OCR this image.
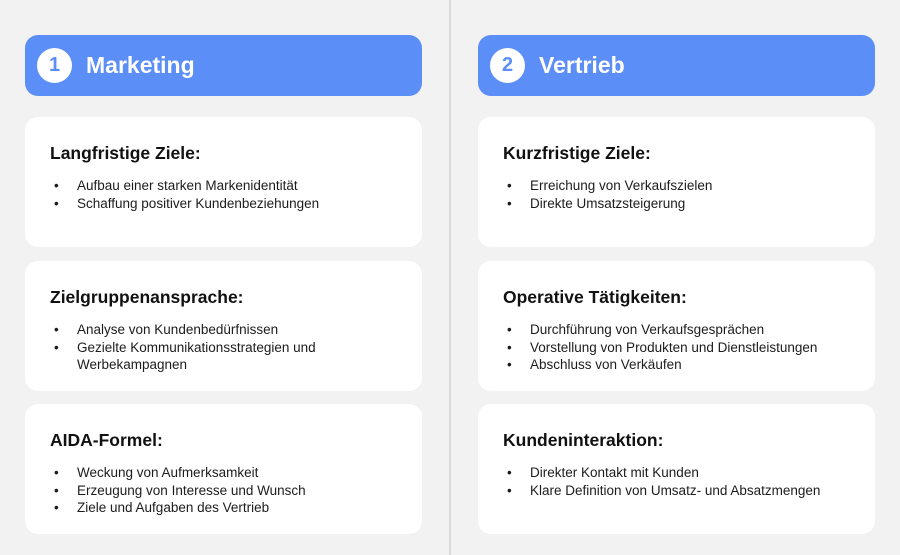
1	Marketing
Langfristige Ziele:
• Aufbau einer starken Markenidentität
• Schaffung positiver Kundenbeziehungen
Zielgruppenansprache:
• Analyse von Kundenbedürfnissen
• Gezielte Kommunikationsstrategien und Werbekampagnen
AIDA-Formel:
• Weckung von Aufmerksamkeit
• Erzeugung von Interesse und Wunsch
• Ziele und Aufgaben des Vertrieb
2	Vertrieb
Kurzfristige Ziele:
• Erreichung von Verkaufszielen
• Direkte Umsatzsteigerung
Operative Tätigkeiten:
• Durchführung von Verkaufsgesprächen
• Vorstellung von Produkten und Dienstleistungen
• Abschluss von Verkäufen
Kundeninteraktion:
• Direkter Kontakt mit Kunden
• Klare Definition von Umsatz- und Absatzmengen
